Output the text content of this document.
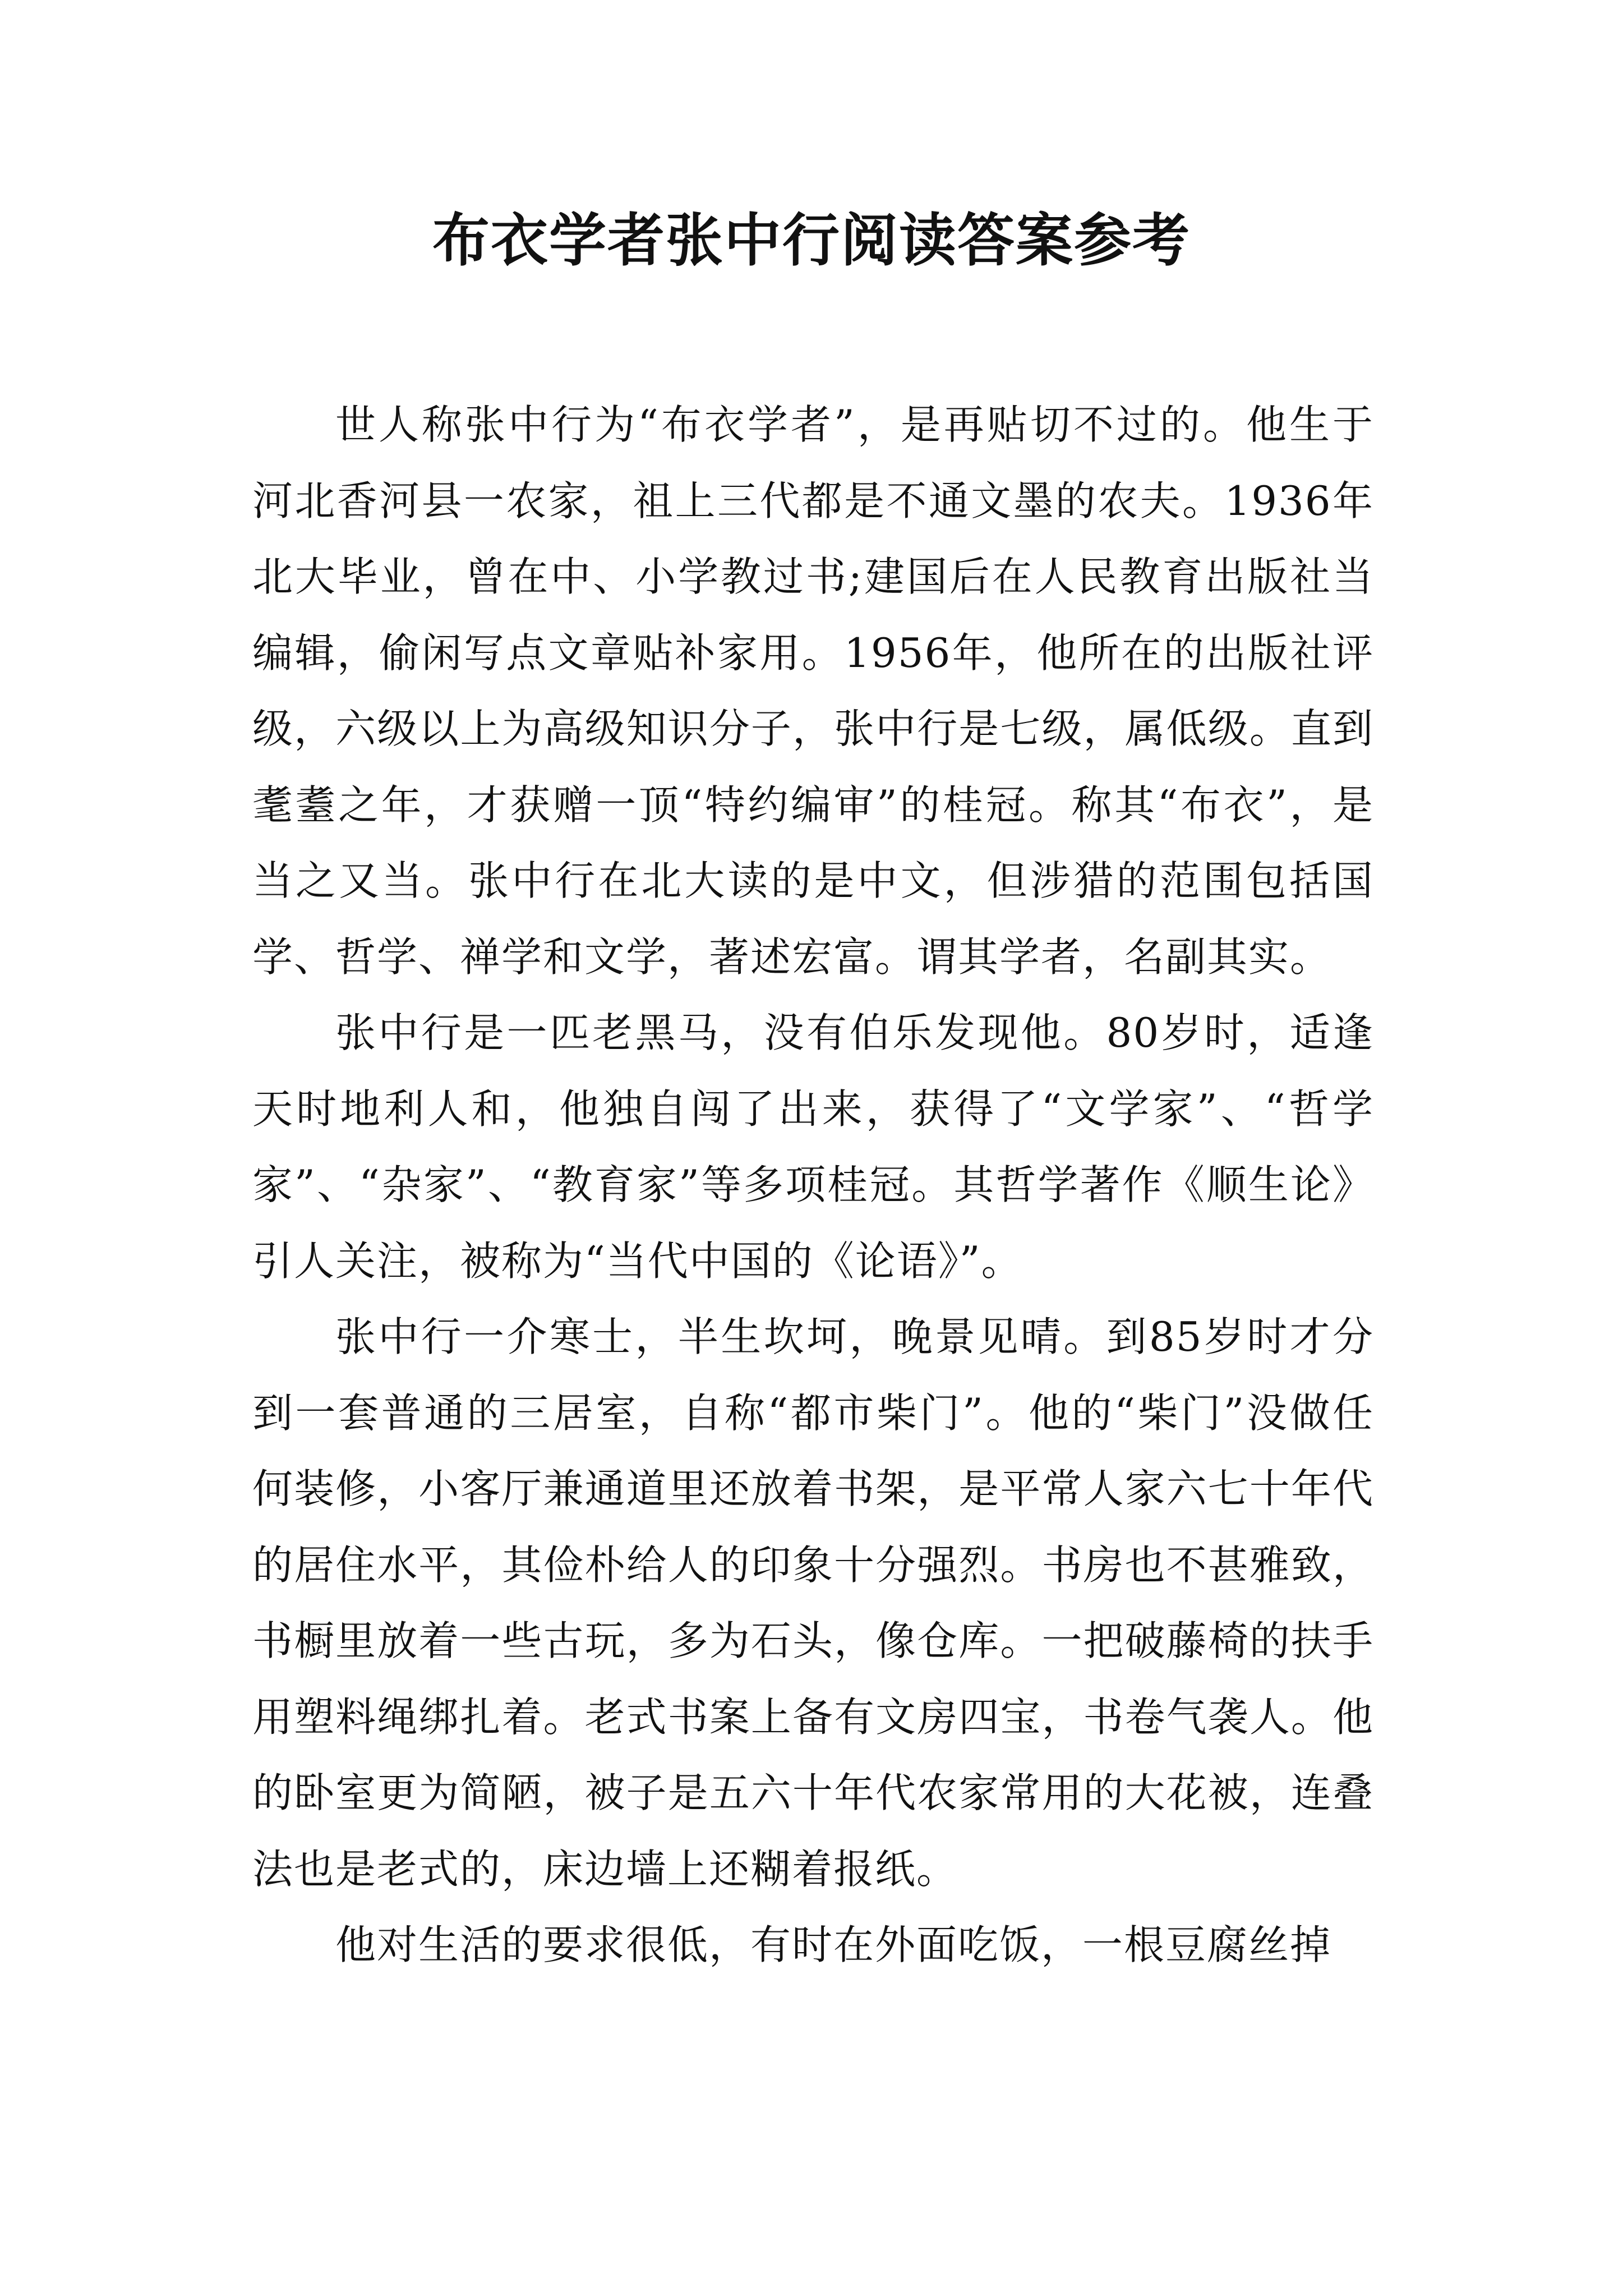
布衣学者张中行阅读答案参考

世人称张中行为“布衣学者”，是再贴切不过的。他生于河北香河县一农家，祖上三代都是不通文墨的农夫。1936年北大毕业，曾在中、小学教过书;建国后在人民教育出版社当编辑，偷闲写点文章贴补家用。1956年，他所在的出版社评级，六级以上为高级知识分子，张中行是七级，属低级。直到耄耋之年，才获赠一顶“特约编审”的桂冠。称其“布衣”，是当之又当。张中行在北大读的是中文，但涉猎的范围包括国学、哲学、禅学和文学，著述宏富。谓其学者，名副其实。

张中行是一匹老黑马，没有伯乐发现他。80岁时，适逢天时地利人和，他独自闯了出来，获得了“文学家”、“哲学家”、“杂家”、“教育家”等多项桂冠。其哲学著作《顺生论》引人关注，被称为“当代中国的《论语》”。

张中行一介寒士，半生坎坷，晚景见晴。到85岁时才分到一套普通的三居室，自称“都市柴门”。他的“柴门”没做任何装修，小客厅兼通道里还放着书架，是平常人家六七十年代的居住水平，其俭朴给人的印象十分强烈。书房也不甚雅致，书橱里放着一些古玩，多为石头，像仓库。一把破藤椅的扶手用塑料绳绑扎着。老式书案上备有文房四宝，书卷气袭人。他的卧室更为简陋，被子是五六十年代农家常用的大花被，连叠法也是老式的，床边墙上还糊着报纸。

他对生活的要求很低，有时在外面吃饭，一根豆腐丝掉
